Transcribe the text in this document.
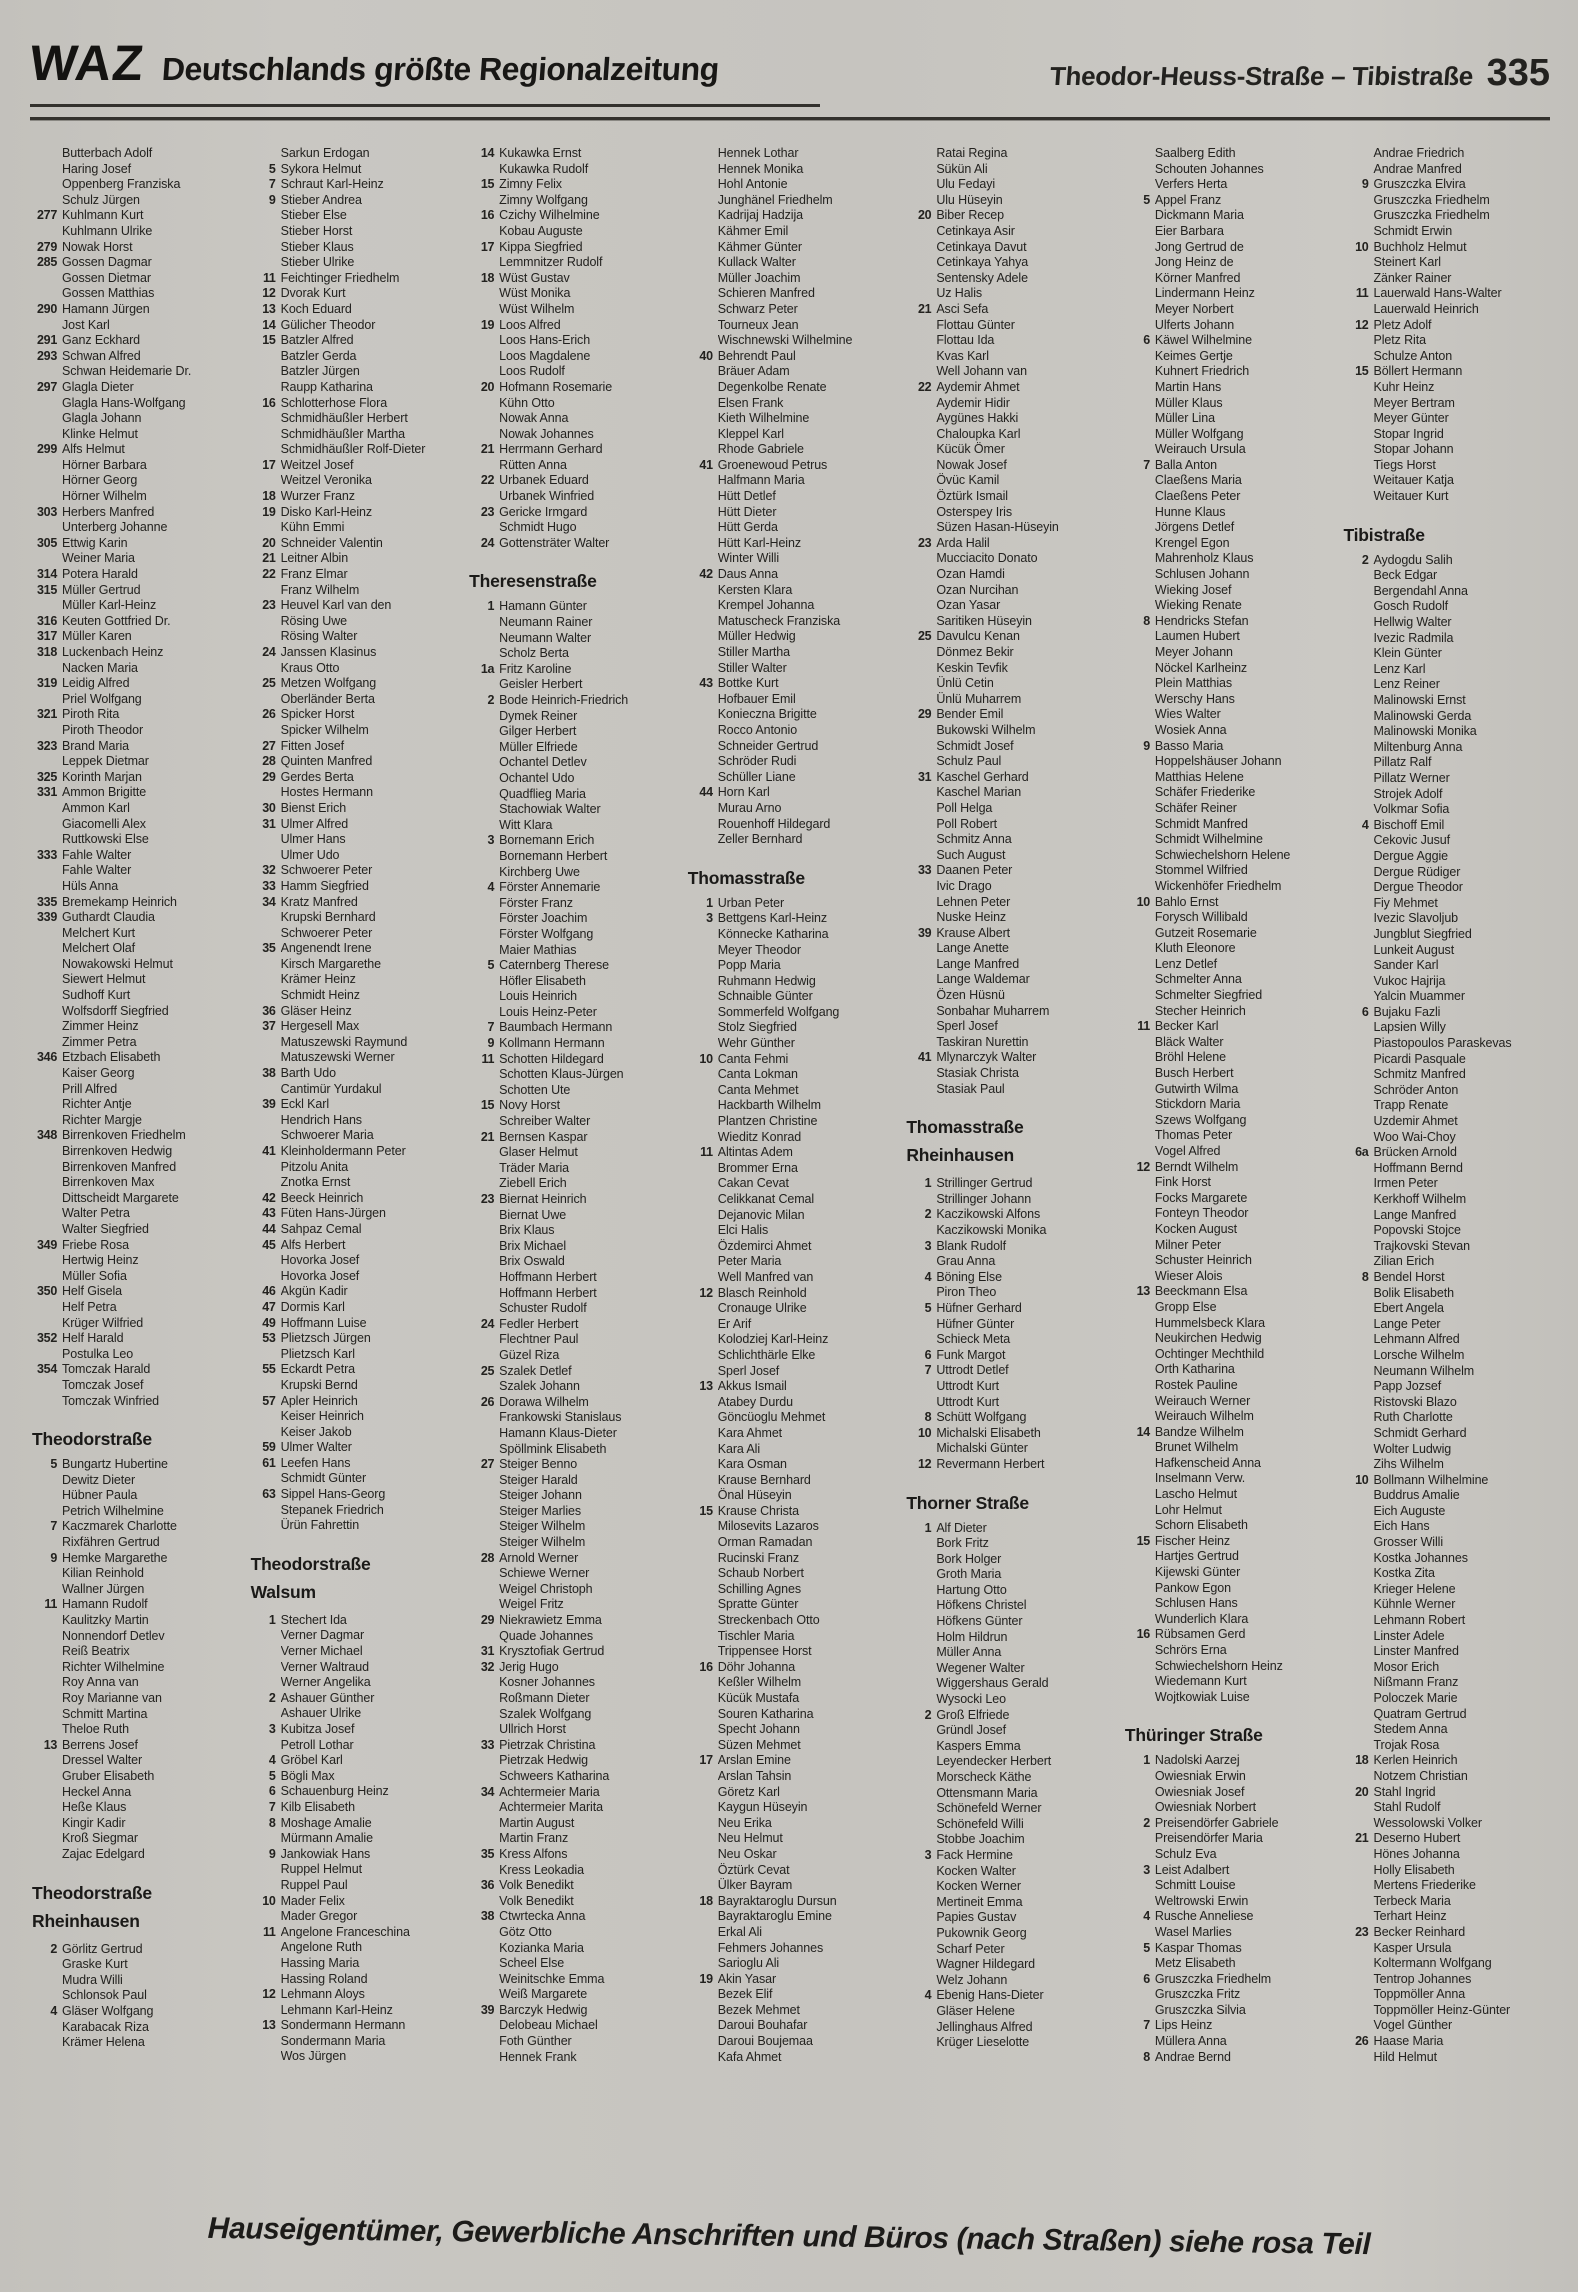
WAZ Deutschlands größte Regionalzeitung	Theodor-Heuss-Straße – Tibistraße 335
Butterbach Adolf
Haring Josef
Oppenberg Franziska
Schulz Jürgen
277 Kuhlmann Kurt
Kuhlmann Ulrike
279 Nowak Horst
285 Gossen Dagmar
Gossen Dietmar
Gossen Matthias
290 Hamann Jürgen
Jost Karl
291 Ganz Eckhard
293 Schwan Alfred
Schwan Heidemarie Dr.
297 Glagla Dieter
Glagla Hans-Wolfgang
Glagla Johann
Klinke Helmut
299 Alfs Helmut
Hörner Barbara
Hörner Georg
Hörner Wilhelm
303 Herbers Manfred
Unterberg Johanne
305 Ettwig Karin
Weiner Maria
314 Potera Harald
315 Müller Gertrud
Müller Karl-Heinz
316 Keuten Gottfried Dr.
317 Müller Karen
318 Luckenbach Heinz
Nacken Maria
319 Leidig Alfred
Priel Wolfgang
321 Piroth Rita
Piroth Theodor
323 Brand Maria
Leppek Dietmar
325 Korinth Marjan
331 Ammon Brigitte
Ammon Karl
Giacomelli Alex
Ruttkowski Else
333 Fahle Walter
Fahle Walter
Hüls Anna
335 Bremekamp Heinrich
339 Guthardt Claudia
Melchert Kurt
Melchert Olaf
Nowakowski Helmut
Siewert Helmut
Sudhoff Kurt
Wolfsdorff Siegfried
Zimmer Heinz
Zimmer Petra
346 Etzbach Elisabeth
Kaiser Georg
Prill Alfred
Richter Antje
Richter Margje
348 Birrenkoven Friedhelm
Birrenkoven Hedwig
Birrenkoven Manfred
Birrenkoven Max
Dittscheidt Margarete
Walter Petra
Walter Siegfried
349 Friebe Rosa
Hertwig Heinz
Müller Sofia
350 Helf Gisela
Helf Petra
Krüger Wilfried
352 Helf Harald
Postulka Leo
354 Tomczak Harald
Tomczak Josef
Tomczak Winfried
Theodorstraße
5 Bungartz Hubertine
Dewitz Dieter
Hübner Paula
Petrich Wilhelmine
7 Kaczmarek Charlotte
Rixfähren Gertrud
9 Hemke Margarethe
Kilian Reinhold
Wallner Jürgen
11 Hamann Rudolf
Kaulitzky Martin
Nonnendorf Detlev
Reiß Beatrix
Richter Wilhelmine
Roy Anna van
Roy Marianne van
Schmitt Martina
Theloe Ruth
13 Berrens Josef
Dressel Walter
Gruber Elisabeth
Heckel Anna
Heße Klaus
Kingir Kadir
Kroß Siegmar
Zajac Edelgard
Theodorstraße
Rheinhausen
2 Görlitz Gertrud
Graske Kurt
Mudra Willi
Schlonsok Paul
4 Gläser Wolfgang
Karabacak Riza
Krämer Helena
Sarkun Erdogan
5 Sykora Helmut
7 Schraut Karl-Heinz
9 Stieber Andrea
Stieber Else
Stieber Horst
Stieber Klaus
Stieber Ulrike
11 Feichtinger Friedhelm
12 Dvorak Kurt
13 Koch Eduard
14 Gülicher Theodor
15 Batzler Alfred
Batzler Gerda
Batzler Jürgen
Raupp Katharina
16 Schlotterhose Flora
Schmidhäußler Herbert
Schmidhäußler Martha
Schmidhäußler Rolf-Dieter
17 Weitzel Josef
Weitzel Veronika
18 Wurzer Franz
19 Disko Karl-Heinz
Kühn Emmi
20 Schneider Valentin
21 Leitner Albin
22 Franz Elmar
Franz Wilhelm
23 Heuvel Karl van den
Rösing Uwe
Rösing Walter
24 Janssen Klasinus
Kraus Otto
25 Metzen Wolfgang
Oberländer Berta
26 Spicker Horst
Spicker Wilhelm
27 Fitten Josef
28 Quinten Manfred
29 Gerdes Berta
Hostes Hermann
30 Bienst Erich
31 Ulmer Alfred
Ulmer Hans
Ulmer Udo
32 Schwoerer Peter
33 Hamm Siegfried
34 Kratz Manfred
Krupski Bernhard
Schwoerer Peter
35 Angenendt Irene
Kirsch Margarethe
Krämer Heinz
Schmidt Heinz
36 Gläser Heinz
37 Hergesell Max
Matuszewski Raymund
Matuszewski Werner
38 Barth Udo
Cantimür Yurdakul
39 Eckl Karl
Hendrich Hans
Schwoerer Maria
41 Kleinholdermann Peter
Pitzolu Anita
Znotka Ernst
42 Beeck Heinrich
43 Füten Hans-Jürgen
44 Sahpaz Cemal
45 Alfs Herbert
Hovorka Josef
Hovorka Josef
46 Akgün Kadir
47 Dormis Karl
49 Hoffmann Luise
53 Plietzsch Jürgen
Plietzsch Karl
55 Eckardt Petra
Krupski Bernd
57 Apler Heinrich
Keiser Heinrich
Keiser Jakob
59 Ulmer Walter
61 Leefen Hans
Schmidt Günter
63 Sippel Hans-Georg
Stepanek Friedrich
Ürün Fahrettin
Theodorstraße
Walsum
1 Stechert Ida
Verner Dagmar
Verner Michael
Verner Waltraud
Werner Angelika
2 Ashauer Günther
Ashauer Ulrike
3 Kubitza Josef
Petroll Lothar
4 Gröbel Karl
5 Bögli Max
6 Schauenburg Heinz
7 Kilb Elisabeth
8 Moshage Amalie
Mürmann Amalie
9 Jankowiak Hans
Ruppel Helmut
Ruppel Paul
10 Mader Felix
Mader Gregor
11 Angelone Franceschina
Angelone Ruth
Hassing Maria
Hassing Roland
12 Lehmann Aloys
Lehmann Karl-Heinz
13 Sondermann Hermann
Sondermann Maria
Wos Jürgen
14 Kukawka Ernst
Kukawka Rudolf
15 Zimny Felix
Zimny Wolfgang
16 Czichy Wilhelmine
Kobau Auguste
17 Kippa Siegfried
Lemmnitzer Rudolf
18 Wüst Gustav
Wüst Monika
Wüst Wilhelm
19 Loos Alfred
Loos Hans-Erich
Loos Magdalene
Loos Rudolf
20 Hofmann Rosemarie
Kühn Otto
Nowak Anna
Nowak Johannes
21 Herrmann Gerhard
Rütten Anna
22 Urbanek Eduard
Urbanek Winfried
23 Gericke Irmgard
Schmidt Hugo
24 Gottensträter Walter
Theresenstraße
1 Hamann Günter
Neumann Rainer
Neumann Walter
Scholz Berta
1a Fritz Karoline
Geisler Herbert
2 Bode Heinrich-Friedrich
Dymek Reiner
Gilger Herbert
Müller Elfriede
Ochantel Detlev
Ochantel Udo
Quadflieg Maria
Stachowiak Walter
Witt Klara
3 Bornemann Erich
Bornemann Herbert
Kirchberg Uwe
4 Förster Annemarie
Förster Franz
Förster Joachim
Förster Wolfgang
Maier Mathias
5 Caternberg Therese
Höfler Elisabeth
Louis Heinrich
Louis Heinz-Peter
7 Baumbach Hermann
9 Kollmann Hermann
11 Schotten Hildegard
Schotten Klaus-Jürgen
Schotten Ute
15 Novy Horst
Schreiber Walter
21 Bernsen Kaspar
Glaser Helmut
Träder Maria
Ziebell Erich
23 Biernat Heinrich
Biernat Uwe
Brix Klaus
Brix Michael
Brix Oswald
Hoffmann Herbert
Hoffmann Herbert
Schuster Rudolf
24 Fedler Herbert
Flechtner Paul
Güzel Riza
25 Szalek Detlef
Szalek Johann
26 Dorawa Wilhelm
Frankowski Stanislaus
Hamann Klaus-Dieter
Spöllmink Elisabeth
27 Steiger Benno
Steiger Harald
Steiger Johann
Steiger Marlies
Steiger Wilhelm
Steiger Wilhelm
28 Arnold Werner
Schiewe Werner
Weigel Christoph
Weigel Fritz
29 Niekrawietz Emma
Quade Johannes
31 Krysztofiak Gertrud
32 Jerig Hugo
Kosner Johannes
Roßmann Dieter
Szalek Wolfgang
Ullrich Horst
33 Pietrzak Christina
Pietrzak Hedwig
Schweers Katharina
34 Achtermeier Maria
Achtermeier Marita
Martin August
Martin Franz
35 Kress Alfons
Kress Leokadia
36 Volk Benedikt
Volk Benedikt
38 Ctwrtecka Anna
Götz Otto
Kozianka Maria
Scheel Else
Weinitschke Emma
Weiß Margarete
39 Barczyk Hedwig
Delobeau Michael
Foth Günther
Hennek Frank
Hennek Lothar
Hennek Monika
Hohl Antonie
Junghänel Friedhelm
Kadrijaj Hadzija
Kähmer Emil
Kähmer Günter
Kullack Walter
Müller Joachim
Schieren Manfred
Schwarz Peter
Tourneux Jean
Wischnewski Wilhelmine
40 Behrendt Paul
Bräuer Adam
Degenkolbe Renate
Elsen Frank
Kieth Wilhelmine
Kleppel Karl
Rhode Gabriele
41 Groenewoud Petrus
Halfmann Maria
Hütt Detlef
Hütt Dieter
Hütt Gerda
Hütt Karl-Heinz
Winter Willi
42 Daus Anna
Kersten Klara
Krempel Johanna
Matuscheck Franziska
Müller Hedwig
Stiller Martha
Stiller Walter
43 Bottke Kurt
Hofbauer Emil
Konieczna Brigitte
Rocco Antonio
Schneider Gertrud
Schröder Rudi
Schüller Liane
44 Horn Karl
Murau Arno
Rouenhoff Hildegard
Zeller Bernhard
Thomasstraße
1 Urban Peter
3 Bettgens Karl-Heinz
Könnecke Katharina
Meyer Theodor
Popp Maria
Ruhmann Hedwig
Schnaible Günter
Sommerfeld Wolfgang
Stolz Siegfried
Wehr Günther
10 Canta Fehmi
Canta Lokman
Canta Mehmet
Hackbarth Wilhelm
Plantzen Christine
Wieditz Konrad
11 Altintas Adem
Brommer Erna
Cakan Cevat
Celikkanat Cemal
Dejanovic Milan
Elci Halis
Özdemirci Ahmet
Peter Maria
Well Manfred van
12 Blasch Reinhold
Cronauge Ulrike
Er Arif
Kolodziej Karl-Heinz
Schlichthärle Elke
Sperl Josef
13 Akkus Ismail
Atabey Durdu
Göncüoglu Mehmet
Kara Ahmet
Kara Ali
Kara Osman
Krause Bernhard
Önal Hüseyin
15 Krause Christa
Milosevits Lazaros
Orman Ramadan
Rucinski Franz
Schaub Norbert
Schilling Agnes
Spratte Günter
Streckenbach Otto
Tischler Maria
Trippensee Horst
16 Döhr Johanna
Keßler Wilhelm
Kücük Mustafa
Souren Katharina
Specht Johann
Süzen Mehmet
17 Arslan Emine
Arslan Tahsin
Göretz Karl
Kaygun Hüseyin
Neu Erika
Neu Helmut
Neu Oskar
Öztürk Cevat
Ülker Bayram
18 Bayraktaroglu Dursun
Bayraktaroglu Emine
Erkal Ali
Fehmers Johannes
Sarioglu Ali
19 Akin Yasar
Bezek Elif
Bezek Mehmet
Daroui Bouhafar
Daroui Boujemaa
Kafa Ahmet
Ratai Regina
Sükün Ali
Ulu Fedayi
Ulu Hüseyin
20 Biber Recep
Cetinkaya Asir
Cetinkaya Davut
Cetinkaya Yahya
Sentensky Adele
Uz Halis
21 Asci Sefa
Flottau Günter
Flottau Ida
Kvas Karl
Well Johann van
22 Aydemir Ahmet
Aydemir Hidir
Aygünes Hakki
Chaloupka Karl
Kücük Ömer
Nowak Josef
Övüc Kamil
Öztürk Ismail
Osterspey Iris
Süzen Hasan-Hüseyin
23 Arda Halil
Mucciacito Donato
Ozan Hamdi
Ozan Nurcihan
Ozan Yasar
Saritiken Hüseyin
25 Davulcu Kenan
Dönmez Bekir
Keskin Tevfik
Ünlü Cetin
Ünlü Muharrem
29 Bender Emil
Bukowski Wilhelm
Schmidt Josef
Schulz Paul
31 Kaschel Gerhard
Kaschel Marian
Poll Helga
Poll Robert
Schmitz Anna
Such August
33 Daanen Peter
Ivic Drago
Lehnen Peter
Nuske Heinz
39 Krause Albert
Lange Anette
Lange Manfred
Lange Waldemar
Özen Hüsnü
Sonbahar Muharrem
Sperl Josef
Taskiran Nurettin
41 Mlynarczyk Walter
Stasiak Christa
Stasiak Paul
Thomasstraße
Rheinhausen
1 Strillinger Gertrud
Strillinger Johann
2 Kaczikowski Alfons
Kaczikowski Monika
3 Blank Rudolf
Grau Anna
4 Böning Else
Piron Theo
5 Hüfner Gerhard
Hüfner Günter
Schieck Meta
6 Funk Margot
7 Uttrodt Detlef
Uttrodt Kurt
Uttrodt Kurt
8 Schütt Wolfgang
10 Michalski Elisabeth
Michalski Günter
12 Revermann Herbert
Thorner Straße
1 Alf Dieter
Bork Fritz
Bork Holger
Groth Maria
Hartung Otto
Höfkens Christel
Höfkens Günter
Holm Hildrun
Müller Anna
Wegener Walter
Wiggershaus Gerald
Wysocki Leo
2 Groß Elfriede
Gründl Josef
Kaspers Emma
Leyendecker Herbert
Morscheck Käthe
Ottensmann Maria
Schönefeld Werner
Schönefeld Willi
Stobbe Joachim
3 Fack Hermine
Kocken Walter
Kocken Werner
Mertineit Emma
Papies Gustav
Pukownik Georg
Scharf Peter
Wagner Hildegard
Welz Johann
4 Ebenig Hans-Dieter
Gläser Helene
Jellinghaus Alfred
Krüger Lieselotte
Saalberg Edith
Schouten Johannes
Verfers Herta
5 Appel Franz
Dickmann Maria
Eier Barbara
Jong Gertrud de
Jong Heinz de
Körner Manfred
Lindermann Heinz
Meyer Norbert
Ulferts Johann
6 Käwel Wilhelmine
Keimes Gertje
Kuhnert Friedrich
Martin Hans
Müller Klaus
Müller Lina
Müller Wolfgang
Weirauch Ursula
7 Balla Anton
Claeßens Maria
Claeßens Peter
Hunne Klaus
Jörgens Detlef
Krengel Egon
Mahrenholz Klaus
Schlusen Johann
Wieking Josef
Wieking Renate
8 Hendricks Stefan
Laumen Hubert
Meyer Johann
Nöckel Karlheinz
Plein Matthias
Werschy Hans
Wies Walter
Wosiek Anna
9 Basso Maria
Hoppelshäuser Johann
Matthias Helene
Schäfer Friederike
Schäfer Reiner
Schmidt Manfred
Schmidt Wilhelmine
Schwiechelshorn Helene
Stommel Wilfried
Wickenhöfer Friedhelm
10 Bahlo Ernst
Forysch Willibald
Gutzeit Rosemarie
Kluth Eleonore
Lenz Detlef
Schmelter Anna
Schmelter Siegfried
Stecher Heinrich
11 Becker Karl
Bläck Walter
Bröhl Helene
Busch Herbert
Gutwirth Wilma
Stickdorn Maria
Szews Wolfgang
Thomas Peter
Vogel Alfred
12 Berndt Wilhelm
Fink Horst
Focks Margarete
Fonteyn Theodor
Kocken August
Milner Peter
Schuster Heinrich
Wieser Alois
13 Beeckmann Elsa
Gropp Else
Hummelsbeck Klara
Neukirchen Hedwig
Ochtinger Mechthild
Orth Katharina
Rostek Pauline
Weirauch Werner
Weirauch Wilhelm
14 Bandze Wilhelm
Brunet Wilhelm
Hafkenscheid Anna
Inselmann Verw.
Lascho Helmut
Lohr Helmut
Schorn Elisabeth
15 Fischer Heinz
Hartjes Gertrud
Kijewski Günter
Pankow Egon
Schlusen Hans
Wunderlich Klara
16 Rübsamen Gerd
Schrörs Erna
Schwiechelshorn Heinz
Wiedemann Kurt
Wojtkowiak Luise
Thüringer Straße
1 Nadolski Aarzej
Owiesniak Erwin
Owiesniak Josef
Owiesniak Norbert
2 Preisendörfer Gabriele
Preisendörfer Maria
Schulz Eva
3 Leist Adalbert
Schmitt Louise
Weltrowski Erwin
4 Rusche Anneliese
Wasel Marlies
5 Kaspar Thomas
Metz Elisabeth
6 Gruszczka Friedhelm
Gruszczka Fritz
Gruszczka Silvia
7 Lips Heinz
Müllera Anna
8 Andrae Bernd
Andrae Friedrich
Andrae Manfred
9 Gruszczka Elvira
Gruszczka Friedhelm
Gruszczka Friedhelm
Schmidt Erwin
10 Buchholz Helmut
Steinert Karl
Zänker Rainer
11 Lauerwald Hans-Walter
Lauerwald Heinrich
12 Pletz Adolf
Pletz Rita
Schulze Anton
15 Böllert Hermann
Kuhr Heinz
Meyer Bertram
Meyer Günter
Stopar Ingrid
Stopar Johann
Tiegs Horst
Weitauer Katja
Weitauer Kurt
Tibistraße
2 Aydogdu Salih
Beck Edgar
Bergendahl Anna
Gosch Rudolf
Hellwig Walter
Ivezic Radmila
Klein Günter
Lenz Karl
Lenz Reiner
Malinowski Ernst
Malinowski Gerda
Malinowski Monika
Miltenburg Anna
Pillatz Ralf
Pillatz Werner
Strojek Adolf
Volkmar Sofia
4 Bischoff Emil
Cekovic Jusuf
Dergue Aggie
Dergue Rüdiger
Dergue Theodor
Fiy Mehmet
Ivezic Slavoljub
Jungblut Siegfried
Lunkeit August
Sander Karl
Vukoc Hajrija
Yalcin Muammer
6 Bujaku Fazli
Lapsien Willy
Piastopoulos Paraskevas
Picardi Pasquale
Schmitz Manfred
Schröder Anton
Trapp Renate
Uzdemir Ahmet
Woo Wai-Choy
6a Brücken Arnold
Hoffmann Bernd
Irmen Peter
Kerkhoff Wilhelm
Lange Manfred
Popovski Stojce
Trajkovski Stevan
Zilian Erich
8 Bendel Horst
Bolik Elisabeth
Ebert Angela
Lange Peter
Lehmann Alfred
Lorsche Wilhelm
Neumann Wilhelm
Papp Jozsef
Ristovski Blazo
Ruth Charlotte
Schmidt Gerhard
Wolter Ludwig
Zihs Wilhelm
10 Bollmann Wilhelmine
Buddrus Amalie
Eich Auguste
Eich Hans
Grosser Willi
Kostka Johannes
Kostka Zita
Krieger Helene
Kühnle Werner
Lehmann Robert
Linster Adele
Linster Manfred
Mosor Erich
Nißmann Franz
Poloczek Marie
Quatram Gertrud
Stedem Anna
Trojak Rosa
18 Kerlen Heinrich
Notzem Christian
20 Stahl Ingrid
Stahl Rudolf
Wessolowski Volker
21 Deserno Hubert
Hönes Johanna
Holly Elisabeth
Mertens Friederike
Terbeck Maria
Terhart Heinz
23 Becker Reinhard
Kasper Ursula
Koltermann Wolfgang
Tentrop Johannes
Toppmöller Anna
Toppmöller Heinz-Günter
Vogel Günther
26 Haase Maria
Hild Helmut
Hauseigentümer, Gewerbliche Anschriften und Büros (nach Straßen) siehe rosa Teil
